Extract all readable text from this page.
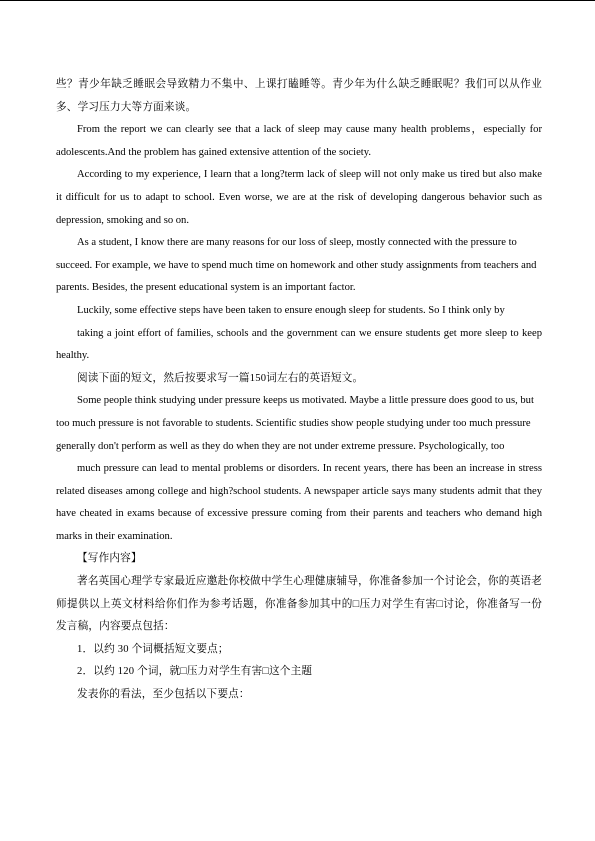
些？青少年缺乏睡眠会导致精力不集中、上课打瞌睡等。青少年为什么缺乏睡眠呢？我们可以从作业多、学习压力大等方面来谈。

From the report we can clearly see that a lack of sleep may cause many health problems，especially for adolescents.And the problem has gained extensive attention of the society.

According to my experience, I learn that a long?term lack of sleep will not only make us tired but also make it difficult for us to adapt to school. Even worse, we are at the risk of developing dangerous behavior such as depression, smoking and so on.

As a student, I know there are many reasons for our loss of sleep, mostly connected with the pressure to succeed. For example, we have to spend much time on homework and other study assignments from teachers and parents. Besides, the present educational system is an important factor.

Luckily, some effective steps have been taken to ensure enough sleep for students. So I think only by

taking a joint effort of families, schools and the government can we ensure students get more sleep to keep healthy.

阅读下面的短文，然后按要求写一篇150词左右的英语短文。

Some people think studying under pressure keeps us motivated. Maybe a little pressure does good to us, but too much pressure is not favorable to students. Scientific studies show people studying under too much pressure generally don't perform as well as they do when they are not under extreme pressure. Psychologically, too

much pressure can lead to mental problems or disorders. In recent years, there has been an increase in stress related diseases among college and high?school students. A newspaper article says many students admit that they have cheated in exams because of excessive pressure coming from their parents and teachers who demand high marks in their examination.

【写作内容】

著名英国心理学专家最近应邀赴你校做中学生心理健康辅导，你准备参加一个讨论会，你的英语老师提供以上英文材料给你们作为参考话题，你准备参加其中的□压力对学生有害□讨论，你准备写一份发言稿，内容要点包括：

1．以约 30 个词概括短文要点；

2．以约 120 个词，就□压力对学生有害□这个主题

发表你的看法，至少包括以下要点：
